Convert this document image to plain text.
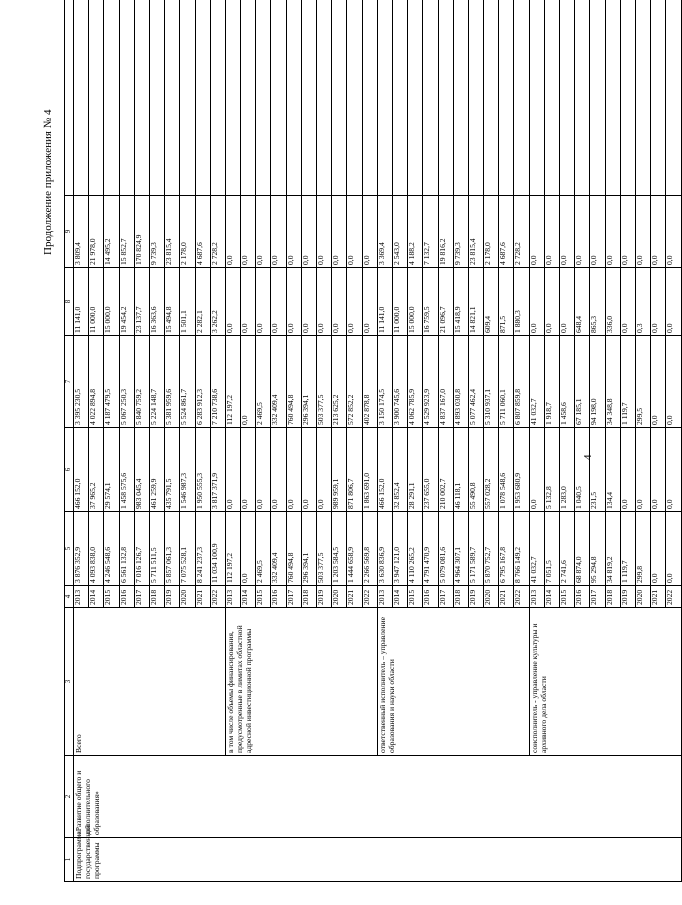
Продолжение приложения № 4
1	2	3	4	5	6	7	8	9	
Подпрограмма государственной программы	«Развитие общего и дополнительного образования»	Всего	2013	3 876 352,9	466 152,0	3 395 230,5	11 141,0	3 809,4	
			2014	4 093 838,0	37 965,2	4 022 894,8	11 000,0	21 978,0	
			2015	4 246 548,6	29 574,1	4 187 479,5	15 000,0	14 495,2	
			2016	6 561 132,8	1 458 575,6	5 067 250,3	19 454,2	15 852,7	
			2017	7 016 126,7	983 045,4	5 840 759,2	23 137,7	170 824,9	
			2018	5 711 511,5	461 259,9	5 224 148,7	16 363,6	9 739,3	
			2019	5 857 061,3	435 791,5	5 381 959,6	15 494,8	23 815,4	
			2020	7 075 528,1	1 546 987,3	5 524 861,7	1 501,1	2 178,0	
			2021	8 241 237,3	1 950 555,3	6 283 912,3	2 282,1	4 687,6	
			2022	11 034 100,9	3 817 371,9	7 210 738,6	3 262,2	2 728,2	
		в том числе объемы финансирования, предусмотренные в лимитах областной адресной инвестиционной программы	2013	112 197,2	0,0	112 197,2	0,0	0,0	
			2014	0,0	0,0	0,0	0,0	0,0	
			2015	2 469,5	0,0	2 469,5	0,0	0,0	
			2016	332 409,4	0,0	332 409,4	0,0	0,0	
			2017	760 494,8	0,0	760 494,8	0,0	0,0	
			2018	296 394,1	0,0	296 394,1	0,0	0,0	
			2019	503 377,5	0,0	503 377,5	0,0	0,0	
			2020	1 203 584,5	989 959,1	213 625,2	0,0	0,0	
			2021	1 444 658,9	871 806,7	572 852,2	0,0	0,0	
			2022	2 266 569,8	1 863 691,0	402 878,8	0,0	0,0	
		ответственный исполнитель – управление образования и науки области	2013	3 630 836,9	466 152,0	3 150 174,5	11 141,0	3 369,4	
			2014	3 947 121,0	32 852,4	3 900 745,6	11 000,0	2 543,0	
			2015	4 110 265,2	28 291,1	4 062 785,9	15 000,0	4 188,2	
			2016	4 791 470,9	237 655,0	4 529 923,9	16 759,5	7 132,7	
			2017	5 079 081,6	210 002,7	4 837 167,0	21 096,7	19 816,2	
			2018	4 964 307,1	46 118,1	4 893 030,8	15 418,9	9 739,3	
			2019	5 171 589,7	55 490,8	5 077 462,4	14 821,1	23 815,4	
			2020	5 870 752,7	557 028,2	5 310 937,1	609,4	2 178,0	
			2021	6 795 167,8	1 078 548,6	5 711 060,1	871,5	4 687,6	
			2022	8 766 149,2	1 953 680,9	6 807 859,8	1 880,3	2 728,2	
		соисполнитель - управление культуры и архивного дела области	2013	41 032,7	0,0	41 032,7	0,0	0,0	
			2014	7 051,5	5 132,8	1 918,7	0,0	0,0	
			2015	2 741,6	1 283,0	1 458,6	0,0	0,0	
			2016	68 874,0	1 040,5	67 185,1	648,4	0,0	
			2017	95 294,8	231,5	94 198,0	865,3	0,0	
			2018	34 819,2	134,4	34 348,8	336,0	0,0	
			2019	1 119,7	0,0	1 119,7	0,0	0,0	
			2020	299,8	0,0	299,5	0,3	0,0	
			2021	0,0	0,0	0,0	0,0	0,0	
			2022	0,0	0,0	0,0	0,0	0,0	
4
